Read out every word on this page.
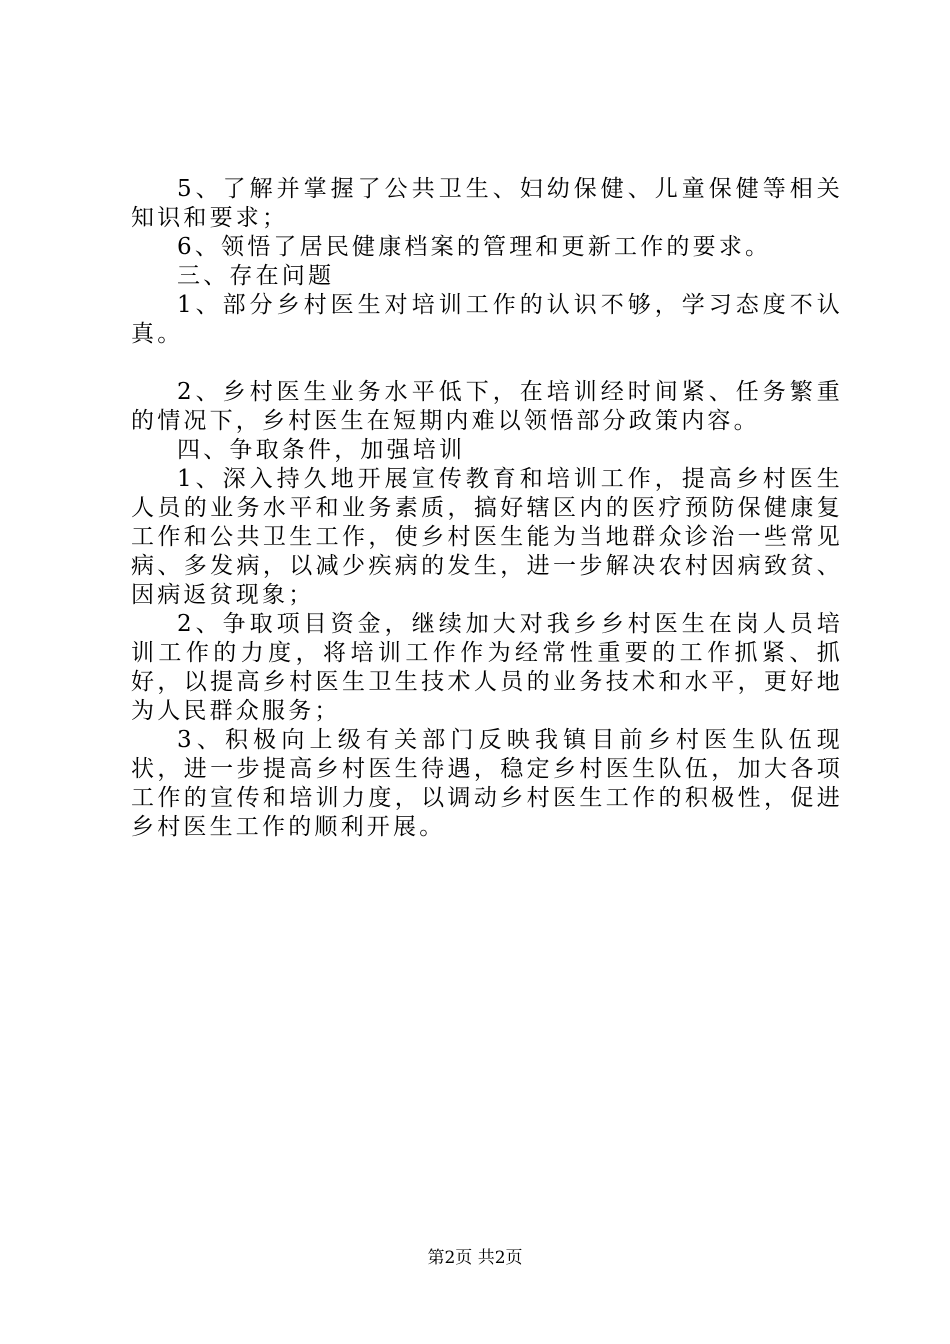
5、了解并掌握了公共卫生、妇幼保健、儿童保健等相关知识和要求；

6、领悟了居民健康档案的管理和更新工作的要求。

三、存在问题

1、部分乡村医生对培训工作的认识不够，学习态度不认真。

2、乡村医生业务水平低下，在培训经时间紧、任务繁重的情况下，乡村医生在短期内难以领悟部分政策内容。

四、争取条件，加强培训

1、深入持久地开展宣传教育和培训工作，提高乡村医生人员的业务水平和业务素质，搞好辖区内的医疗预防保健康复工作和公共卫生工作，使乡村医生能为当地群众诊治一些常见病、多发病，以减少疾病的发生，进一步解决农村因病致贫、因病返贫现象；

2、争取项目资金，继续加大对我乡乡村医生在岗人员培训工作的力度，将培训工作作为经常性重要的工作抓紧、抓好，以提高乡村医生卫生技术人员的业务技术和水平，更好地为人民群众服务；

3、积极向上级有关部门反映我镇目前乡村医生队伍现状，进一步提高乡村医生待遇，稳定乡村医生队伍，加大各项工作的宣传和培训力度，以调动乡村医生工作的积极性，促进乡村医生工作的顺利开展。

第2页 共2页
